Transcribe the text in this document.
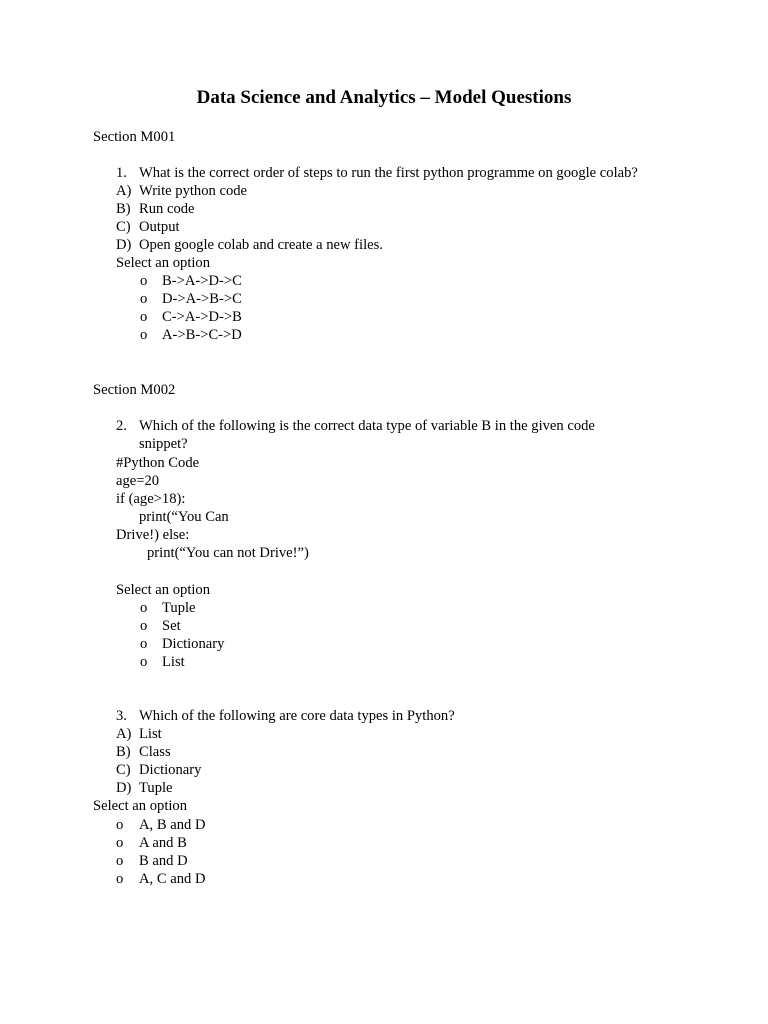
Data Science and Analytics – Model Questions
Section M001
1. What is the correct order of steps to run the first python programme on google colab?
A) Write python code
B) Run code
C) Output
D) Open google colab and create a new files.
Select an option
o B->A->D->C
o D->A->B->C
o C->A->D->B
o A->B->C->D
Section M002
2. Which of the following is the correct data type of variable B in the given code
snippet?
#Python Code
age=20
if (age>18):
print(“You Can
Drive!) else:
print(“You can not Drive!”)
Select an option
o Tuple
o Set
o Dictionary
o List
3. Which of the following are core data types in Python?
A) List
B) Class
C) Dictionary
D) Tuple
Select an option
o A, B and D
o A and B
o B and D
o A, C and D
